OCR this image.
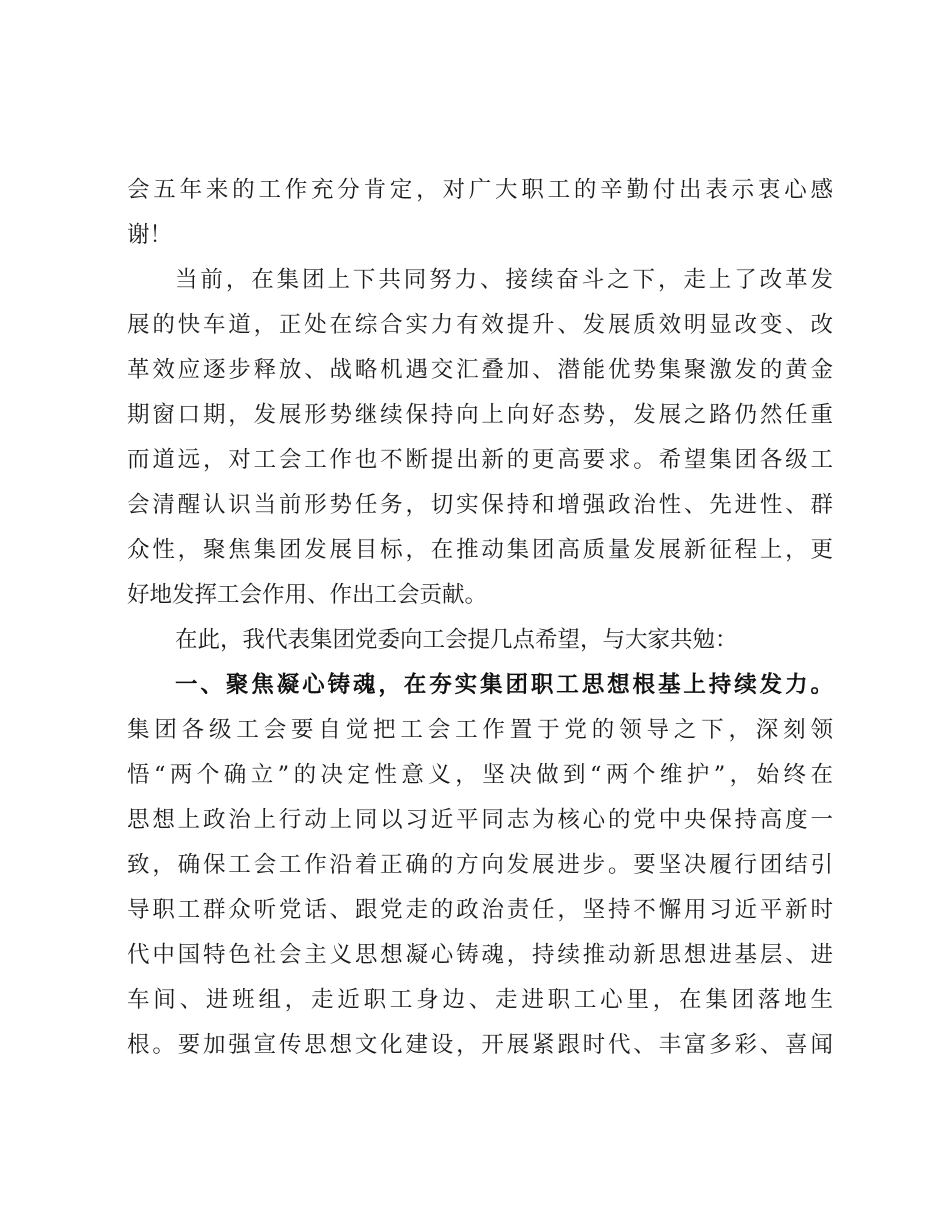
会五年来的工作充分肯定，对广大职工的辛勤付出表示衷心感
谢！
当前，在集团上下共同努力、接续奋斗之下，走上了改革发
展的快车道，正处在综合实力有效提升、发展质效明显改变、改
革效应逐步释放、战略机遇交汇叠加、潜能优势集聚激发的黄金
期窗口期，发展形势继续保持向上向好态势，发展之路仍然任重
而道远，对工会工作也不断提出新的更高要求。希望集团各级工
会清醒认识当前形势任务，切实保持和增强政治性、先进性、群
众性，聚焦集团发展目标，在推动集团高质量发展新征程上，更
好地发挥工会作用、作出工会贡献。
在此，我代表集团党委向工会提几点希望，与大家共勉：
一、聚焦凝心铸魂，在夯实集团职工思想根基上持续发力。
集团各级工会要自觉把工会工作置于党的领导之下，深刻领
悟“两个确立”的决定性意义，坚决做到“两个维护”，始终在
思想上政治上行动上同以习近平同志为核心的党中央保持高度一
致，确保工会工作沿着正确的方向发展进步。要坚决履行团结引
导职工群众听党话、跟党走的政治责任，坚持不懈用习近平新时
代中国特色社会主义思想凝心铸魂，持续推动新思想进基层、进
车间、进班组，走近职工身边、走进职工心里，在集团落地生
根。要加强宣传思想文化建设，开展紧跟时代、丰富多彩、喜闻
